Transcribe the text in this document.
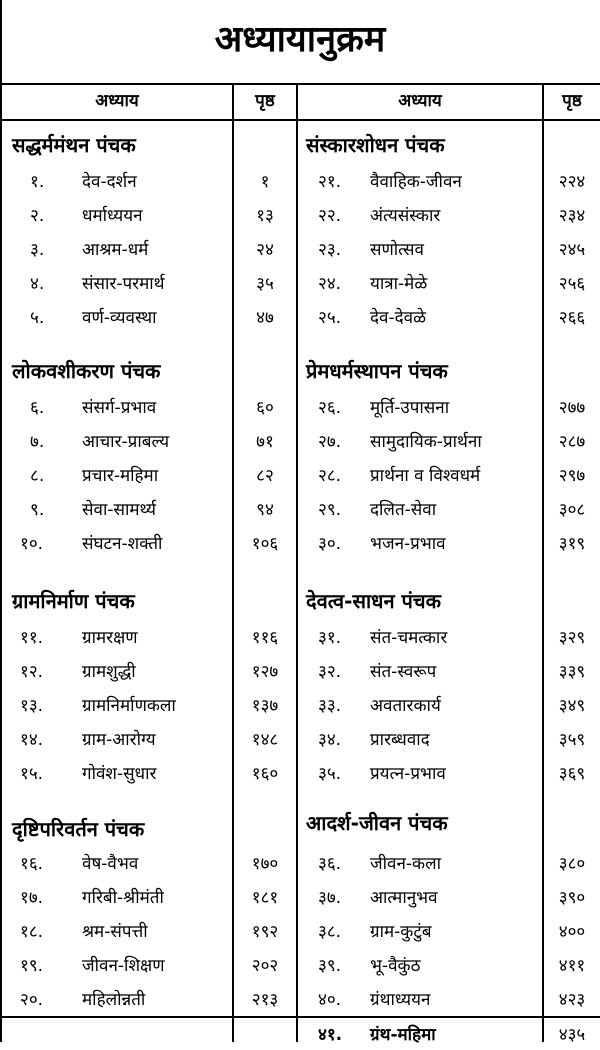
अध्यायानुक्रम
अध्याय	पृष्ठ	अध्याय	पृष्ठ
सद्धर्ममंथन पंचक
१. देव-दर्शन	१
२. धर्माध्ययन	१३
३. आश्रम-धर्म	२४
४. संसार-परमार्थ	३५
५. वर्ण-व्यवस्था	४७
लोकवशीकरण पंचक
६. संसर्ग-प्रभाव	६०
७. आचार-प्राबल्य	७१
८. प्रचार-महिमा	८२
९. सेवा-सामर्थ्य	९४
१०. संघटन-शक्ती	१०६
ग्रामनिर्माण पंचक
११. ग्रामरक्षण	११६
१२. ग्रामशुद्धी	१२७
१३. ग्रामनिर्माणकला	१३७
१४. ग्राम-आरोग्य	१४८
१५. गोवंश-सुधार	१६०
दृष्टिपरिवर्तन पंचक
१६. वेष-वैभव	१७०
१७. गरिबी-श्रीमंती	१८१
१८. श्रम-संपत्ती	१९२
१९. जीवन-शिक्षण	२०२
२०. महिलोन्नती	२१३
संस्कारशोधन पंचक
२१. वैवाहिक-जीवन	२२४
२२. अंत्यसंस्कार	२३४
२३. सणोत्सव	२४५
२४. यात्रा-मेळे	२५६
२५. देव-देवळे	२६६
प्रेमधर्मस्थापन पंचक
२६. मूर्ति-उपासना	२७७
२७. सामुदायिक-प्रार्थना	२८७
२८. प्रार्थना व विश्वधर्म	२९७
२९. दलित-सेवा	३०८
३०. भजन-प्रभाव	३१९
देवत्व-साधन पंचक
३१. संत-चमत्कार	३२९
३२. संत-स्वरूप	३३९
३३. अवतारकार्य	३४९
३४. प्रारब्धवाद	३५९
३५. प्रयत्न-प्रभाव	३६९
आदर्श-जीवन पंचक
३६. जीवन-कला	३८०
३७. आत्मानुभव	३९०
३८. ग्राम-कुटुंब	४००
३९. भू-वैकुंठ	४११
४०. ग्रंथाध्ययन	४२३
४१. ग्रंथ-महिमा	४३५
